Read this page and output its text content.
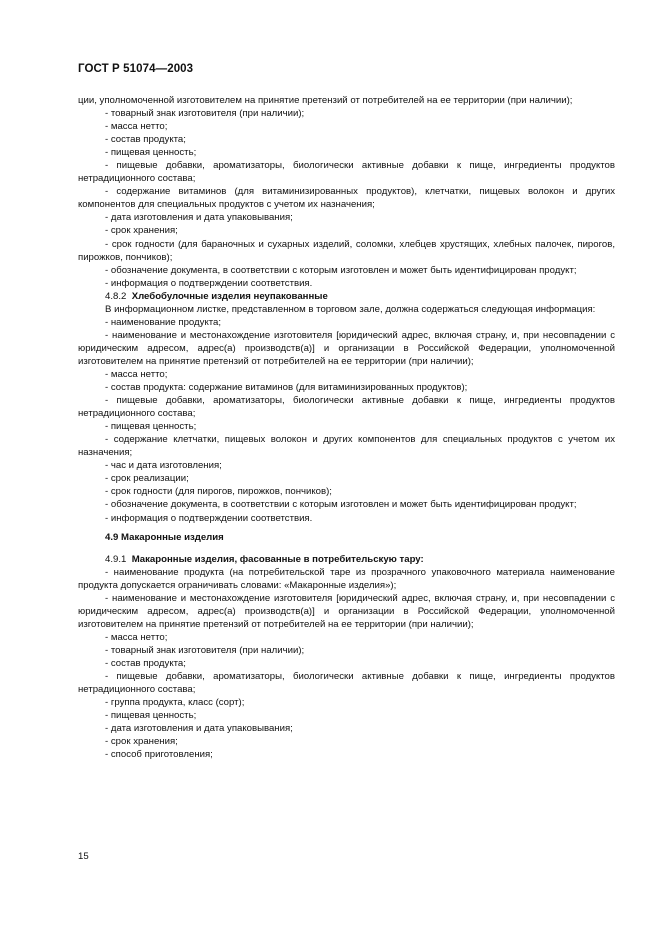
ГОСТ Р 51074—2003

ции, уполномоченной изготовителем на принятие претензий от потребителей на ее территории (при наличии);

- товарный знак изготовителя (при наличии);

- масса нетто;

- состав продукта;

- пищевая ценность;

- пищевые добавки, ароматизаторы, биологически активные добавки к пище, ингредиенты продуктов нетрадиционного состава;

- содержание витаминов (для витаминизированных продуктов), клетчатки, пищевых волокон и других компонентов для специальных продуктов с учетом их назначения;

- дата изготовления и дата упаковывания;

- срок хранения;

- срок годности (для бараночных и сухарных изделий, соломки, хлебцев хрустящих, хлебных палочек, пирогов, пирожков, пончиков);

- обозначение документа, в соответствии с которым изготовлен и может быть идентифицирован продукт;

- информация о подтверждении соответствия.

4.8.2 Хлебобулочные изделия неупакованные

В информационном листке, представленном в торговом зале, должна содержаться следующая информация:

- наименование продукта;

- наименование и местонахождение изготовителя [юридический адрес, включая страну, и, при несовпадении с юридическим адресом, адрес(а) производств(а)] и организации в Российской Федерации, уполномоченной изготовителем на принятие претензий от потребителей на ее территории (при наличии);

- масса нетто;

- состав продукта: содержание витаминов (для витаминизированных продуктов);

- пищевые добавки, ароматизаторы, биологически активные добавки к пище, ингредиенты продуктов нетрадиционного состава;

- пищевая ценность;

- содержание клетчатки, пищевых волокон и других компонентов для специальных продуктов с учетом их назначения;

- час и дата изготовления;

- срок реализации;

- срок годности (для пирогов, пирожков, пончиков);

- обозначение документа, в соответствии с которым изготовлен и может быть идентифицирован продукт;

- информация о подтверждении соответствия.

4.9 Макаронные изделия

4.9.1 Макаронные изделия, фасованные в потребительскую тару:

- наименование продукта (на потребительской таре из прозрачного упаковочного материала наименование продукта допускается ограничивать словами: «Макаронные изделия»);

- наименование и местонахождение изготовителя [юридический адрес, включая страну, и, при несовпадении с юридическим адресом, адрес(а) производств(а)] и организации в Российской Федерации, уполномоченной изготовителем на принятие претензий от потребителей на ее территории (при наличии);

- масса нетто;

- товарный знак изготовителя (при наличии);

- состав продукта;

- пищевые добавки, ароматизаторы, биологически активные добавки к пище, ингредиенты продуктов нетрадиционного состава;

- группа продукта, класс (сорт);

- пищевая ценность;

- дата изготовления и дата упаковывания;

- срок хранения;

- способ приготовления;

15
